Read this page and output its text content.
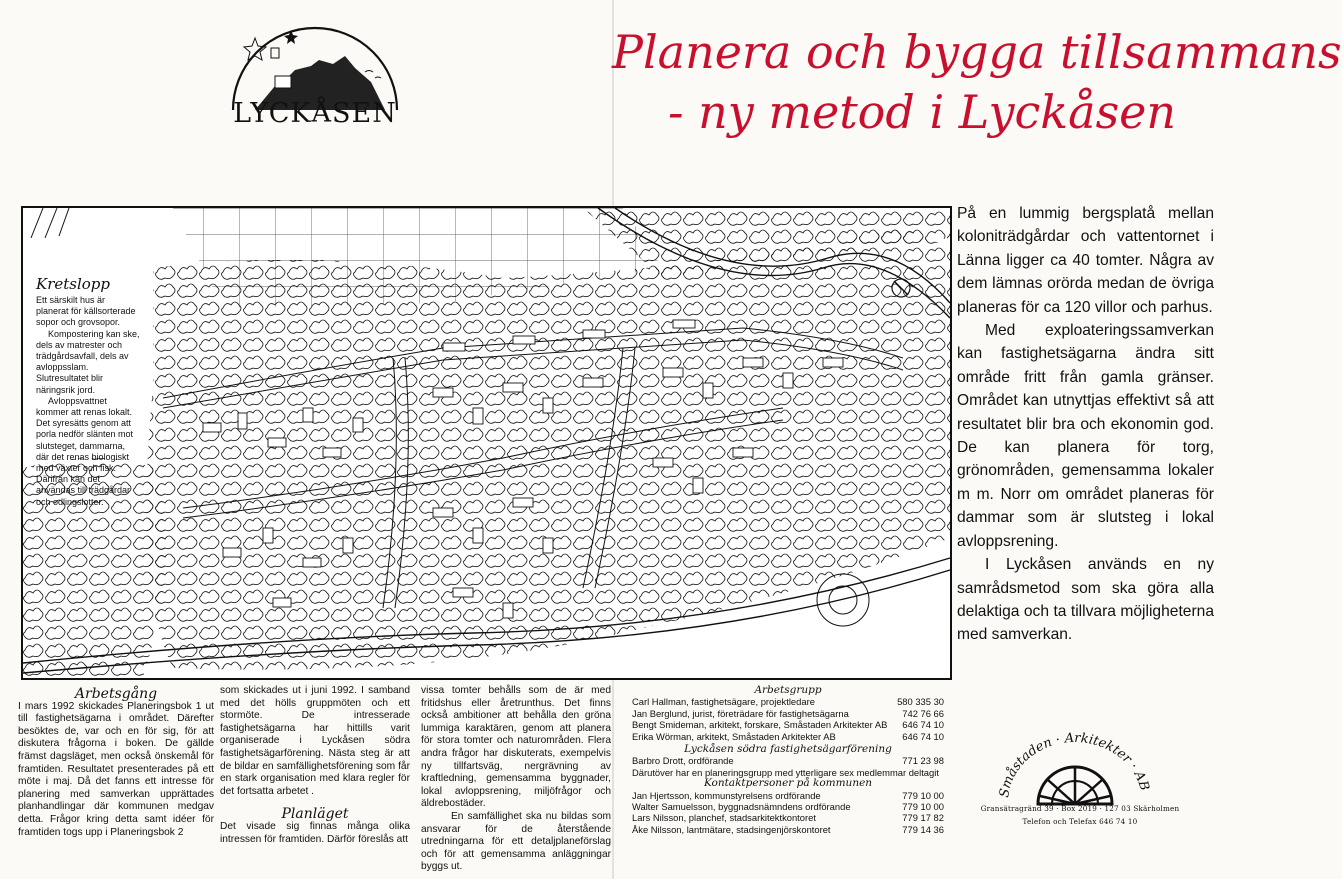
LYCKÅSEN
Planera och bygga tillsammans
- ny metod i Lyckåsen
Kretslopp

Ett särskilt hus är planerat för källsorterade sopor och grovsopor.

Kompostering kan ske, dels av matrester och trädgårdsavfall, dels av avloppsslam. Slutresultatet blir näringsrik jord.

Avloppsvattnet kommer att renas lokalt. Det syresätts genom att porla nedför slänten mot slutsteget, dammarna, där det renas biologiskt med växter och fisk. Därifrån kan det användas till trädgårdar och odlingslotter.

På en lummig bergsplatå mellan koloniträdgårdar och vattentornet i Länna ligger ca 40 tomter. Några av dem lämnas orörda medan de övriga planeras för ca 120 villor och parhus.

Med exploateringssamverkan kan fastighetsägarna ändra sitt område fritt från gamla gränser. Området kan utnyttjas effektivt så att resultatet blir bra och ekonomin god. De kan planera för torg, grönområden, gemensamma lokaler m m. Norr om området planeras för dammar som är slutsteg i lokal avloppsrening.

I Lyckåsen används en ny samrådsmetod som ska göra alla delaktiga och ta tillvara möjligheterna med samverkan.

Arbetsgång

I mars 1992 skickades Planeringsbok 1 ut till fastighetsägarna i området. Därefter besöktes de, var och en för sig, för att diskutera frågorna i boken. De gällde främst dagsläget, men också önskemål för framtiden. Resultatet presenterades på ett möte i maj. Då det fanns ett intresse för planering med samverkan upprättades planhandlingar där kommunen medgav detta. Frågor kring detta samt idéer för framtiden togs upp i Planeringsbok 2

som skickades ut i juni 1992. I samband med det hölls gruppmöten och ett stormöte. De intresserade fastighetsägarna har hittills varit organiserade i Lyckåsen södra fastighetsägarförening. Nästa steg är att de bildar en samfällighetsförening som får en stark organisation med klara regler för det fortsatta arbetet .

Planläget

Det visade sig finnas många olika intressen för framtiden. Därför föreslås att

vissa tomter behålls som de är med fritidshus eller åretrunthus. Det finns också ambitioner att behålla den gröna lummiga karaktären, genom att planera för stora tomter och naturområden. Flera andra frågor har diskuterats, exempelvis ny tillfartsväg, nergrävning av kraftledning, gemensamma byggnader, lokal avloppsrening, miljöfrågor och äldrebostäder.

En samfällighet ska nu bildas som ansvarar för de återstående utredningarna för ett detaljplaneförslag och för att gemensamma anläggningar byggs ut.

Arbetsgrupp
Carl Hallman, fastighetsägare, projektledare	580 335 30
Jan Berglund, jurist, företrädare för fastighetsägarna	742 76 66
Bengt Smideman, arkitekt, forskare, Småstaden Arkitekter AB	646 74 10
Erika Wörman, arkitekt, Småstaden Arkitekter AB	646 74 10
Lyckåsen södra fastighetsägarförening
Barbro Drott, ordförande	771 23 98
Därutöver har en planeringsgrupp med ytterligare sex medlemmar deltagit
Kontaktpersoner på kommunen
Jan Hjertsson, kommunstyrelsens ordförande	779 10 00
Walter Samuelsson, byggnadsnämndens ordförande	779 10 00
Lars Nilsson, planchef, stadsarkitektkontoret	779 17 82
Åke Nilsson, lantmätare, stadsingenjörskontoret	779 14 36
Småstaden · Arkitekter · AB
Gransätragränd 39 · Box 2019 · 127 03 Skärholmen
Telefon och Telefax 646 74 10
